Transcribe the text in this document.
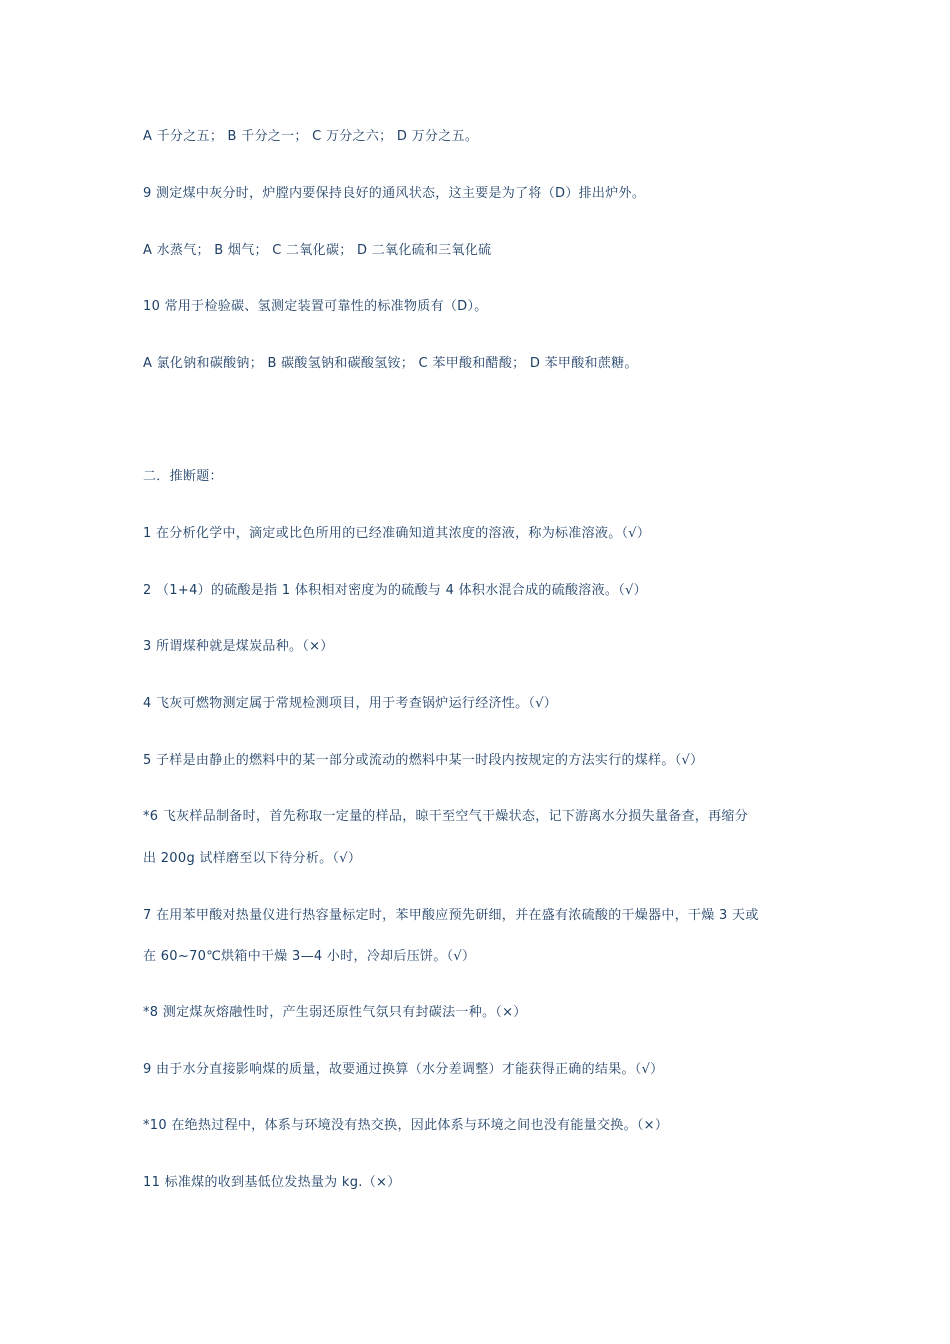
A 千分之五； B 千分之一； C 万分之六； D 万分之五。
9 测定煤中灰分时，炉膛内要保持良好的通风状态，这主要是为了将（D）排出炉外。
A 水蒸气； B 烟气； C 二氧化碳； D 二氧化硫和三氧化硫
10 常用于检验碳、氢测定装置可靠性的标准物质有（D）。
A 氯化钠和碳酸钠； B 碳酸氢钠和碳酸氢铵； C 苯甲酸和醋酸； D 苯甲酸和蔗糖。
二．推断题：
1 在分析化学中，滴定或比色所用的已经准确知道其浓度的溶液，称为标准溶液。（√）
2 （1+4）的硫酸是指 1 体积相对密度为的硫酸与 4 体积水混合成的硫酸溶液。（√）
3 所谓煤种就是煤炭品种。（×）
4 飞灰可燃物测定属于常规检测项目，用于考查锅炉运行经济性。（√）
5 子样是由静止的燃料中的某一部分或流动的燃料中某一时段内按规定的方法实行的煤样。（√）
*6 飞灰样品制备时，首先称取一定量的样品，晾干至空气干燥状态，记下游离水分损失量备查，再缩分
出 200g 试样磨至以下待分析。（√）
7 在用苯甲酸对热量仪进行热容量标定时，苯甲酸应预先研细，并在盛有浓硫酸的干燥器中，干燥 3 天或
在 60~70℃烘箱中干燥 3—4 小时，冷却后压饼。（√）
*8 测定煤灰熔融性时，产生弱还原性气氛只有封碳法一种。（×）
9 由于水分直接影响煤的质量，故要通过换算（水分差调整）才能获得正确的结果。（√）
*10 在绝热过程中，体系与环境没有热交换，因此体系与环境之间也没有能量交换。（×）
11 标准煤的收到基低位发热量为 kg.（×）
